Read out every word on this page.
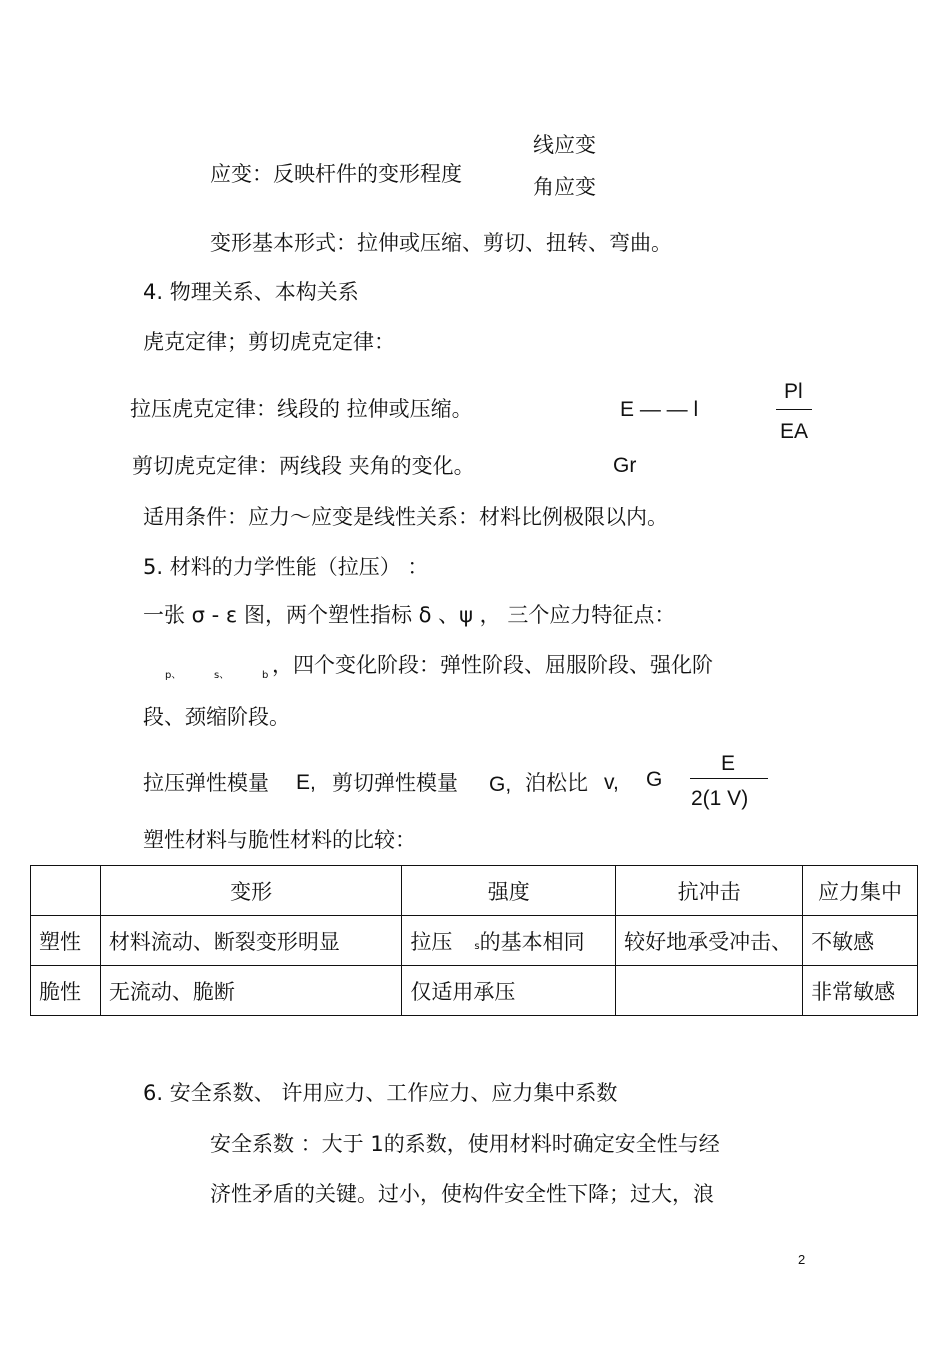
应变：反映杆件的变形程度
线应变
角应变
变形基本形式：拉伸或压缩、剪切、扭转、弯曲。
4. 物理关系、本构关系
虎克定律；剪切虎克定律：
拉压虎克定律：线段的 拉伸或压缩。	E — — l
Pl
EA
剪切虎克定律：两线段 夹角的变化。	Gr
适用条件：应力～应变是线性关系：材料比例极限以内。
5. 材料的力学性能（拉压） ：
一张 σ - ε 图，两个塑性指标 δ 、ψ ， 三个应力特征点：
p、	s、	b ，四个变化阶段：弹性阶段、屈服阶段、强化阶
段、颈缩阶段。
拉压弹性模量 E, 剪切弹性模量 G, 泊松比 v, G
E
2(1 V)
塑性材料与脆性材料的比较：
	变形	强度	抗冲击	应力集中
塑性	材料流动、断裂变形明显	拉压 s的基本相同	较好地承受冲击、	不敏感
脆性	无流动、脆断	仅适用承压		非常敏感
6. 安全系数、 许用应力、工作应力、应力集中系数
安全系数 ：大于 1的系数，使用材料时确定安全性与经
济性矛盾的关键。过小，使构件安全性下降；过大，浪
2
